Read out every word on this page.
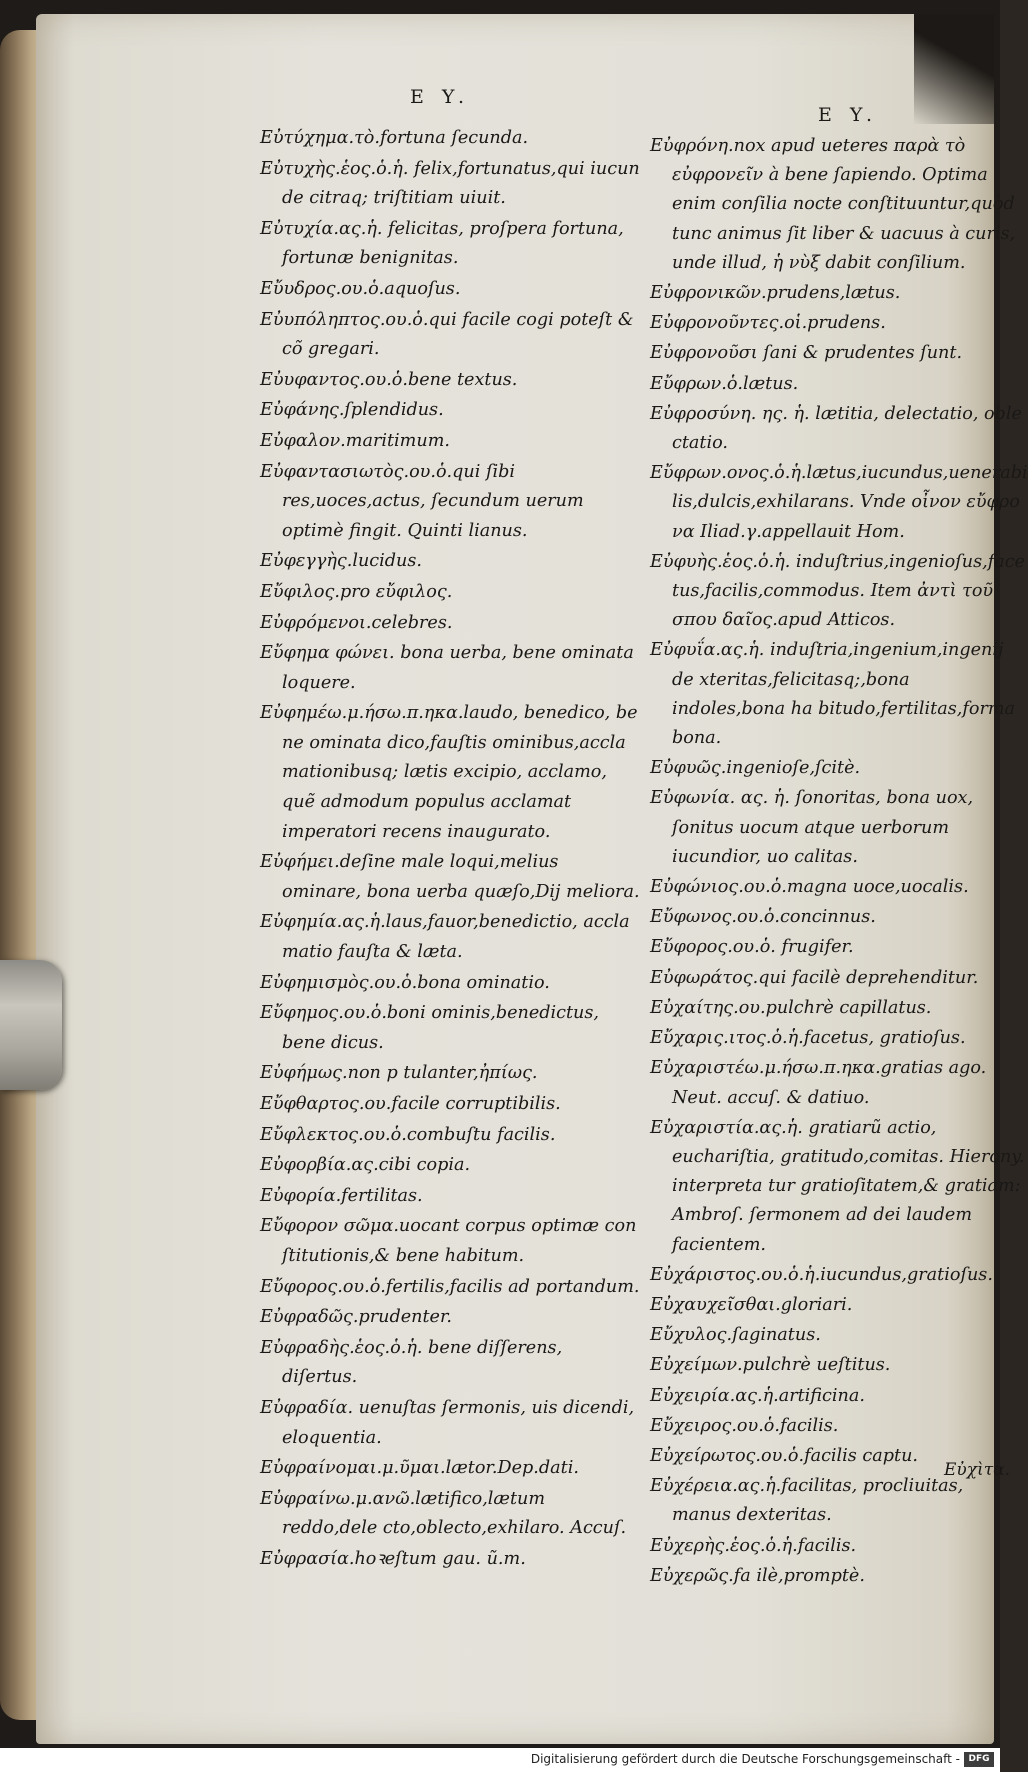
E Y.
E Y.
Εὐτύχημα.τὸ.fortuna ſecunda.
Εὐτυχὴς.ἑος.ὁ.ἡ. felix,fortunatus,qui iucun de citraq; triſtitiam uiuit.
Εὐτυχία.ας.ἡ. felicitas, proſpera fortuna, fortunæ benignitas.
Εὔυδρος.ου.ὁ.aquoſus.
Εὐυπόληπτος.ου.ὁ.qui facile cogi poteſt & cõ gregari.
Εὐυφαντος.ου.ὁ.bene textus.
Εὐφάνης.ſplendidus.
Εὐφαλον.maritimum.
Εὐφαντασιωτὸς.ου.ὁ.qui ſibi res,uoces,actus, ſecundum uerum optimè fingit. Quinti lianus.
Εὐφεγγὴς.lucidus.
Εὔφιλος.pro εὔφιλος.
Εὐφρόμενοι.celebres.
Εὔφημα φώνει. bona uerba, bene ominata loquere.
Εὐφημέω.μ.ήσω.π.ηκα.laudo, benedico, be ne ominata dico,fauſtis ominibus,accla mationibusq; lætis excipio, acclamo, quẽ admodum populus acclamat imperatori recens inaugurato.
Εὐφήμει.deſine male loqui,melius ominare, bona uerba quæſo,Dij meliora.
Εὐφημία.ας.ἡ.laus,fauor,benedictio, accla matio fauſta & læta.
Εὐφημισμὸς.ου.ὁ.bona ominatio.
Εὔφημος.ου.ὁ.boni ominis,benedictus, bene dicus.
Εὐφήμως.non p tulanter,ἠπίως.
Εὔφθαρτος.ου.facile corruptibilis.
Εὔφλεκτος.ου.ὁ.combuſtu facilis.
Εὐφορβία.ας.cibi copia.
Εὐφορία.fertilitas.
Εὔφορον σῶμα.uocant corpus optimæ con ſtitutionis,& bene habitum.
Εὔφορος.ου.ὁ.fertilis,facilis ad portandum.
Εὐφραδῶς.prudenter.
Εὐφραδὴς.ἑος.ὁ.ἡ. bene diſſerens, diſertus.
Εὐφραδία. uenuſtas ſermonis, uis dicendi, eloquentia.
Εὐφραίνομαι.μ.ῦμαι.lætor.Dep.dati.
Εὐφραίνω.μ.ανῶ.lætifico,lætum reddo,dele cto,oblecto,exhilaro. Accuſ.
Εὐφρασία.hoꝛeſtum gau. ũ.m.
Εὐφρόνη.nox apud ueteres παρὰ τὸ εὐφρονεῖν à bene ſapiendo. Optima enim conſilia nocte conſtituuntur,quòd tunc animus ſit liber & uacuus à curis, unde illud, ἡ νὺξ dabit conſilium.
Εὐφρονικῶν.prudens,lætus.
Εὐφρονοῦντες.οἱ.prudens.
Εὐφρονοῦσι ſani & prudentes ſunt.
Εὔφρων.ὁ.lætus.
Εὐφροσύνη. ης. ἡ. lætitia, delectatio, oble ctatio.
Εὔφρων.ονος.ὁ.ἡ.lætus,iucundus,uenerabi lis,dulcis,exhilarans. Vnde οἶνον εὔφρο να Iliad.γ.appellauit Hom.
Εὐφυὴς.ἑος.ὁ.ἡ. induſtrius,ingenioſus,face tus,facilis,commodus. Item ἀντὶ τοῦ σπου δαῖος.apud Atticos.
Εὐφυΐα.ας.ἡ. induſtria,ingenium,ingenij de xteritas,felicitasq;,bona indoles,bona ha bitudo,fertilitas,forma bona.
Εὐφυῶς.ingenioſe,ſcitè.
Εὐφωνία. ας. ἡ. ſonoritas, bona uox, ſonitus uocum atque uerborum iucundior, uo calitas.
Εὐφώνιος.ου.ὁ.magna uoce,uocalis.
Εὔφωνος.ου.ὁ.concinnus.
Εὔφορος.ου.ὁ. frugifer.
Εὐφωράτος.qui facilè deprehenditur.
Εὐχαίτης.ου.pulchrè capillatus.
Εὔχαρις.ιτος.ὁ.ἡ.facetus, gratioſus.
Εὐχαριστέω.μ.ήσω.π.ηκα.gratias ago. Neut. accuſ. & datiuo.
Εὐχαριστία.ας.ἡ. gratiarũ actio, euchariſtia, gratitudo,comitas. Hierony. interpreta tur gratioſitatem,& gratiam: Ambroſ. ſermonem ad dei laudem facientem.
Εὐχάριστος.ου.ὁ.ἡ.iucundus,gratioſus.
Εὐχαυχεῖσθαι.gloriari.
Εὔχυλος.ſaginatus.
Εὐχείμων.pulchrè ueſtitus.
Εὐχειρία.ας.ἡ.artificina.
Εὔχειρος.ου.ὁ.facilis.
Εὐχείρωτος.ου.ὁ.facilis captu.
Εὐχέρεια.ας.ἡ.facilitas, procliuitas, manus dexteritas.
Εὐχερὴς.ἑος.ὁ.ἡ.facilis.
Εὐχερῶς.fa ilè,promptè.
Εὐχὶτα.
Digitalisierung gefördert durch die Deutsche Forschungsgemeinschaft - DFG
